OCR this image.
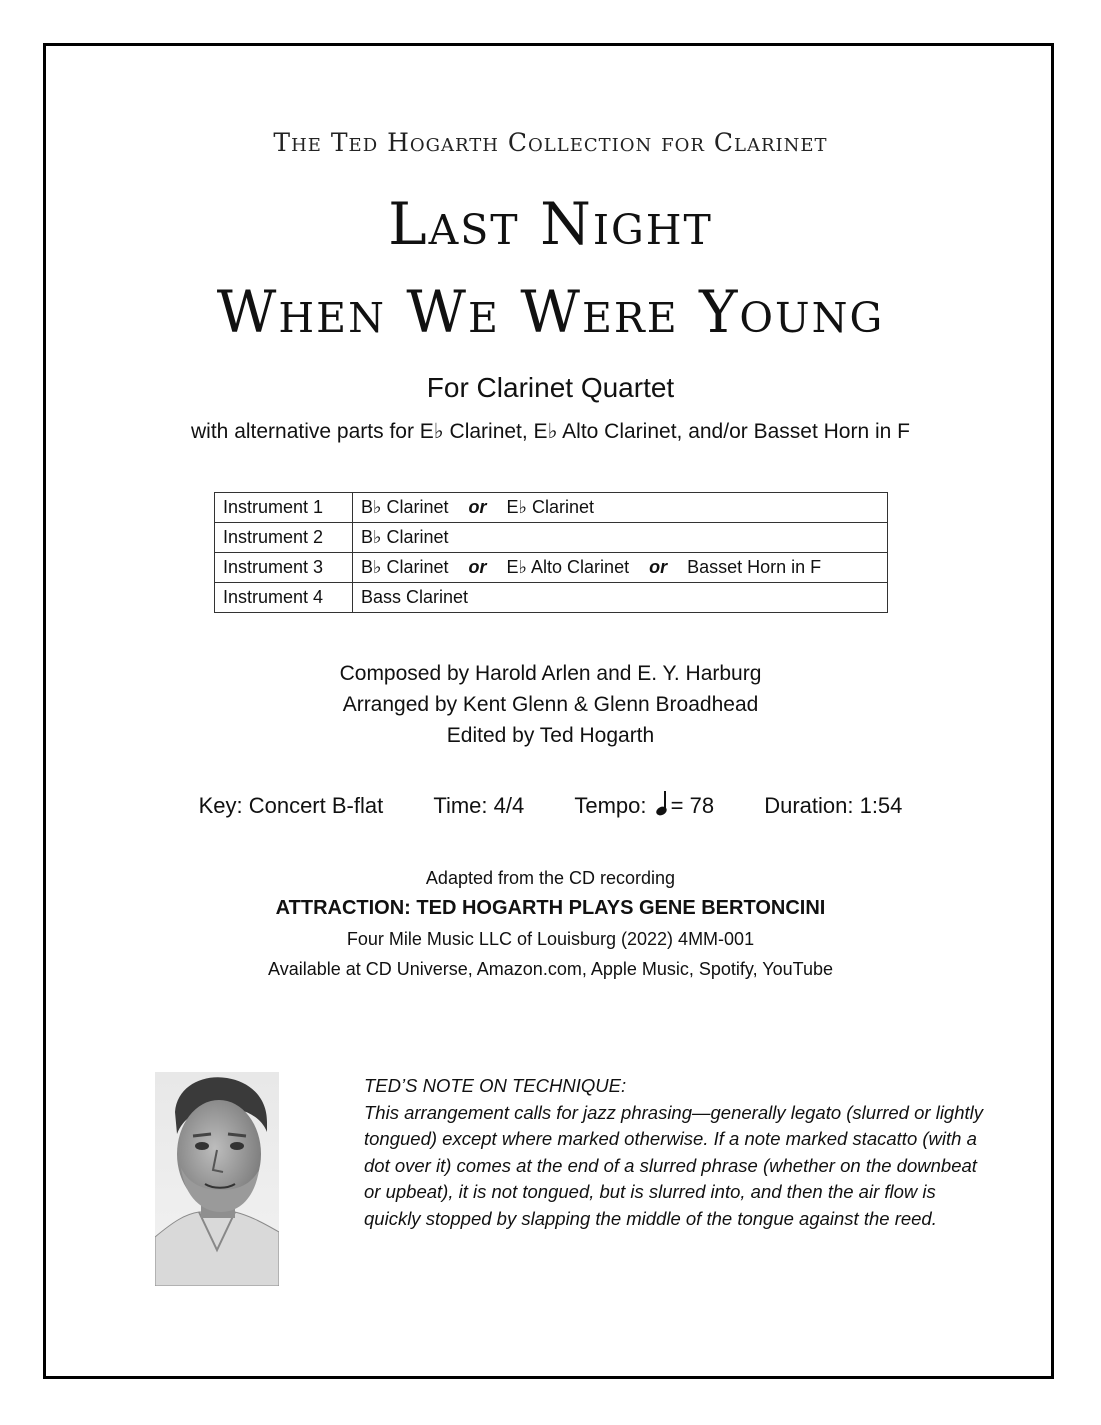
The Ted Hogarth Collection for Clarinet
Last Night
When We Were Young
For Clarinet Quartet
with alternative parts for E♭ Clarinet, E♭ Alto Clarinet, and/or Basset Horn in F
Instrument 1	B♭ Clarinet or E♭ Clarinet
Instrument 2	B♭ Clarinet
Instrument 3	B♭ Clarinet or E♭ Alto Clarinet or Basset Horn in F
Instrument 4	Bass Clarinet
Composed by Harold Arlen and E. Y. Harburg
Arranged by Kent Glenn & Glenn Broadhead
Edited by Ted Hogarth
Key: Concert B-flat Time: 4/4 Tempo: = 78 Duration: 1:54
Adapted from the CD recording
ATTRACTION: TED HOGARTH PLAYS GENE BERTONCINI
Four Mile Music LLC of Louisburg (2022) 4MM-001
Available at CD Universe, Amazon.com, Apple Music, Spotify, YouTube

TED’S NOTE ON TECHNIQUE:

This arrangement calls for jazz phrasing—generally legato (slurred or lightly tongued) except where marked otherwise. If a note marked stacatto (with a dot over it) comes at the end of a slurred phrase (whether on the downbeat or upbeat), it is not tongued, but is slurred into, and then the air flow is quickly stopped by slapping the middle of the tongue against the reed.
